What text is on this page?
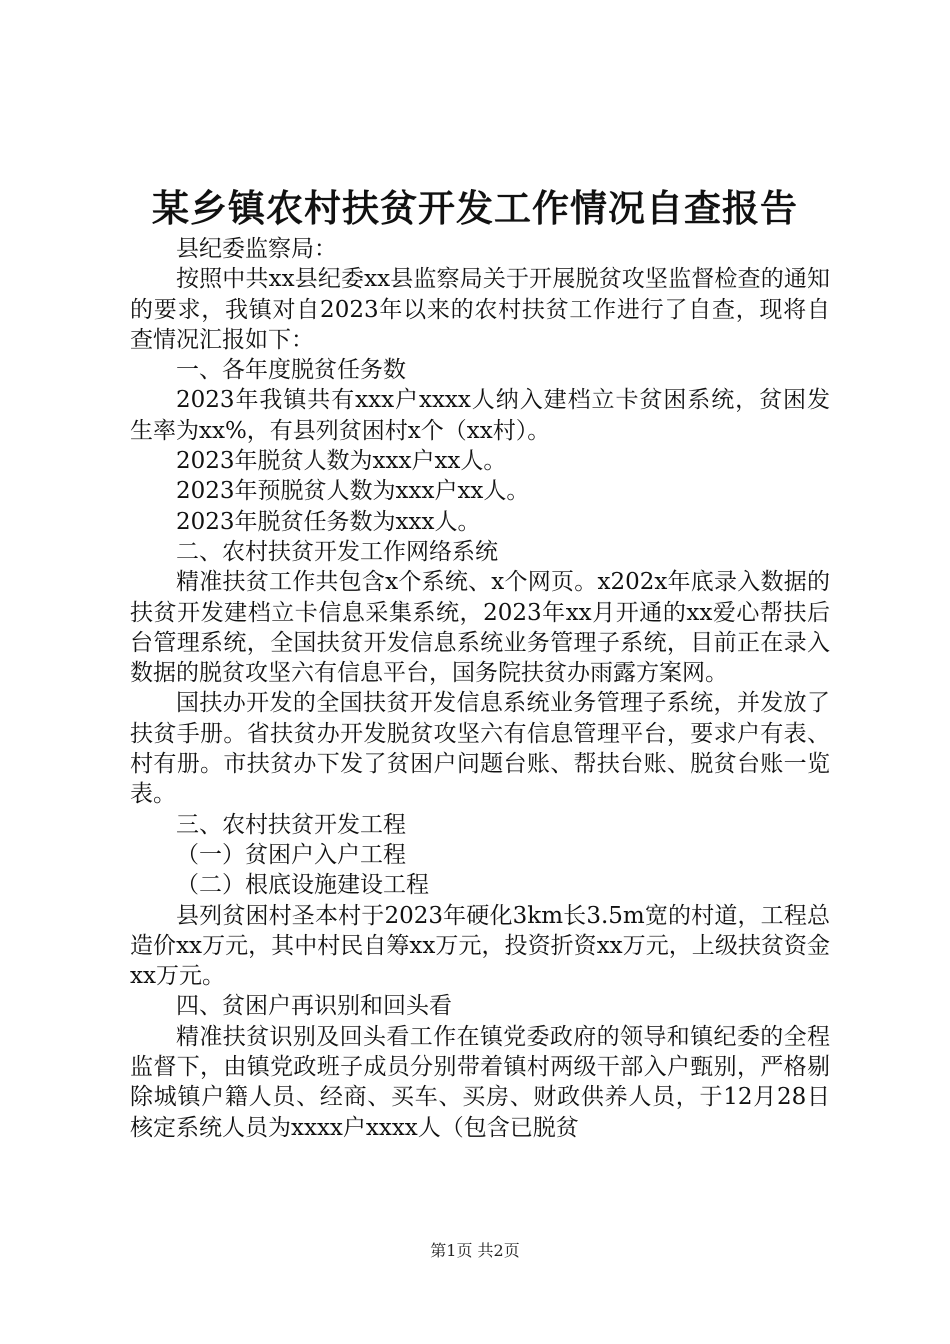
某乡镇农村扶贫开发工作情况自查报告

县纪委监察局：

按照中共xx县纪委xx县监察局关于开展脱贫攻坚监督检查的通知的要求，我镇对自2023年以来的农村扶贫工作进行了自查，现将自查情况汇报如下：

一、各年度脱贫任务数

2023年我镇共有xxx户xxxx人纳入建档立卡贫困系统，贫困发生率为xx%，有县列贫困村x个（xx村）。

2023年脱贫人数为xxx户xx人。

2023年预脱贫人数为xxx户xx人。

2023年脱贫任务数为xxx人。

二、农村扶贫开发工作网络系统

精准扶贫工作共包含x个系统、x个网页。x202x年底录入数据的扶贫开发建档立卡信息采集系统，2023年xx月开通的xx爱心帮扶后台管理系统，全国扶贫开发信息系统业务管理子系统，目前正在录入数据的脱贫攻坚六有信息平台，国务院扶贫办雨露方案网。

国扶办开发的全国扶贫开发信息系统业务管理子系统，并发放了扶贫手册。省扶贫办开发脱贫攻坚六有信息管理平台，要求户有表、村有册。市扶贫办下发了贫困户问题台账、帮扶台账、脱贫台账一览表。

三、农村扶贫开发工程

（一）贫困户入户工程

（二）根底设施建设工程

县列贫困村圣本村于2023年硬化3km长3.5m宽的村道，工程总造价xx万元，其中村民自筹xx万元，投资折资xx万元，上级扶贫资金xx万元。

四、贫困户再识别和回头看

精准扶贫识别及回头看工作在镇党委政府的领导和镇纪委的全程监督下，由镇党政班子成员分别带着镇村两级干部入户甄别，严格剔除城镇户籍人员、经商、买车、买房、财政供养人员，于12月28日核定系统人员为xxxx户xxxx人（包含已脱贫

第1页 共2页
